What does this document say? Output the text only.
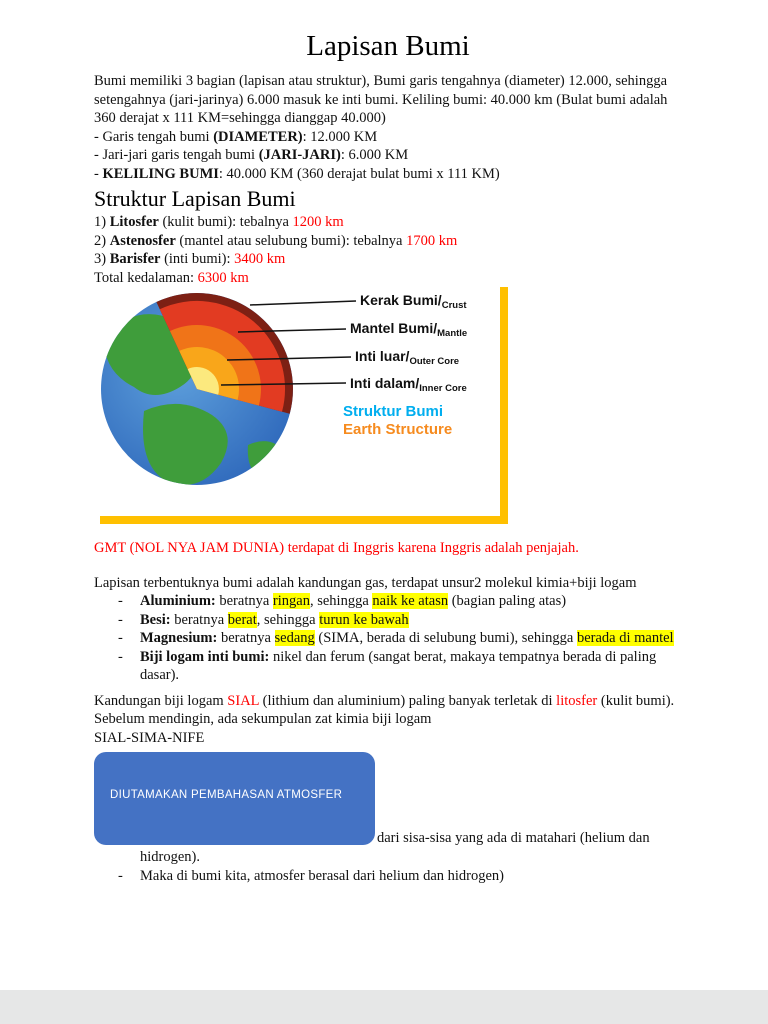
Lapisan Bumi

Bumi memiliki 3 bagian (lapisan atau struktur), Bumi garis tengahnya (diameter) 12.000, sehingga setengahnya (jari-jarinya) 6.000 masuk ke inti bumi. Keliling bumi: 40.000 km (Bulat bumi adalah 360 derajat x 111 KM=sehingga dianggap 40.000)

- Garis tengah bumi (DIAMETER): 12.000 KM

- Jari-jari garis tengah bumi (JARI-JARI): 6.000 KM

- KELILING BUMI: 40.000 KM (360 derajat bulat bumi x 111 KM)

Struktur Lapisan Bumi

1) Litosfer (kulit bumi): tebalnya 1200 km

2) Astenosfer (mantel atau selubung bumi): tebalnya 1700 km

3) Barisfer (inti bumi): 3400 km

Total kedalaman: 6300 km

Kerak Bumi/$_{Crust}$
Mantel Bumi/$_{Mantle}$
Inti luar/$_{Outer Core}$
Inti dalam/$_{Inner Core}$
Struktur Bumi
Earth Structure

GMT (NOL NYA JAM DUNIA) terdapat di Inggris karena Inggris adalah penjajah.

Lapisan terbentuknya bumi adalah kandungan gas, terdapat unsur2 molekul kimia+biji logam

-	Aluminium: beratnya ringan, sehingga naik ke atasn (bagian paling atas)
-	Besi: beratnya berat, sehingga turun ke bawah
-	Magnesium: beratnya sedang (SIMA, berada di selubung bumi), sehingga berada di mantel
-	Biji logam inti bumi: nikel dan ferum (sangat berat, makaya tempatnya berada di paling dasar).

Kandungan biji logam SIAL (lithium dan aluminium) paling banyak terletak di litosfer (kulit bumi).

Sebelum mendingin, ada sekumpulan zat kimia biji logam

SIAL-SIMA-NIFE

DIUTAMAKAN PEMBAHASAN ATMOSFER
dari sisa-sisa yang ada di matahari (helium dan
hidrogen).
-	Maka di bumi kita, atmosfer berasal dari helium dan hidrogen)
